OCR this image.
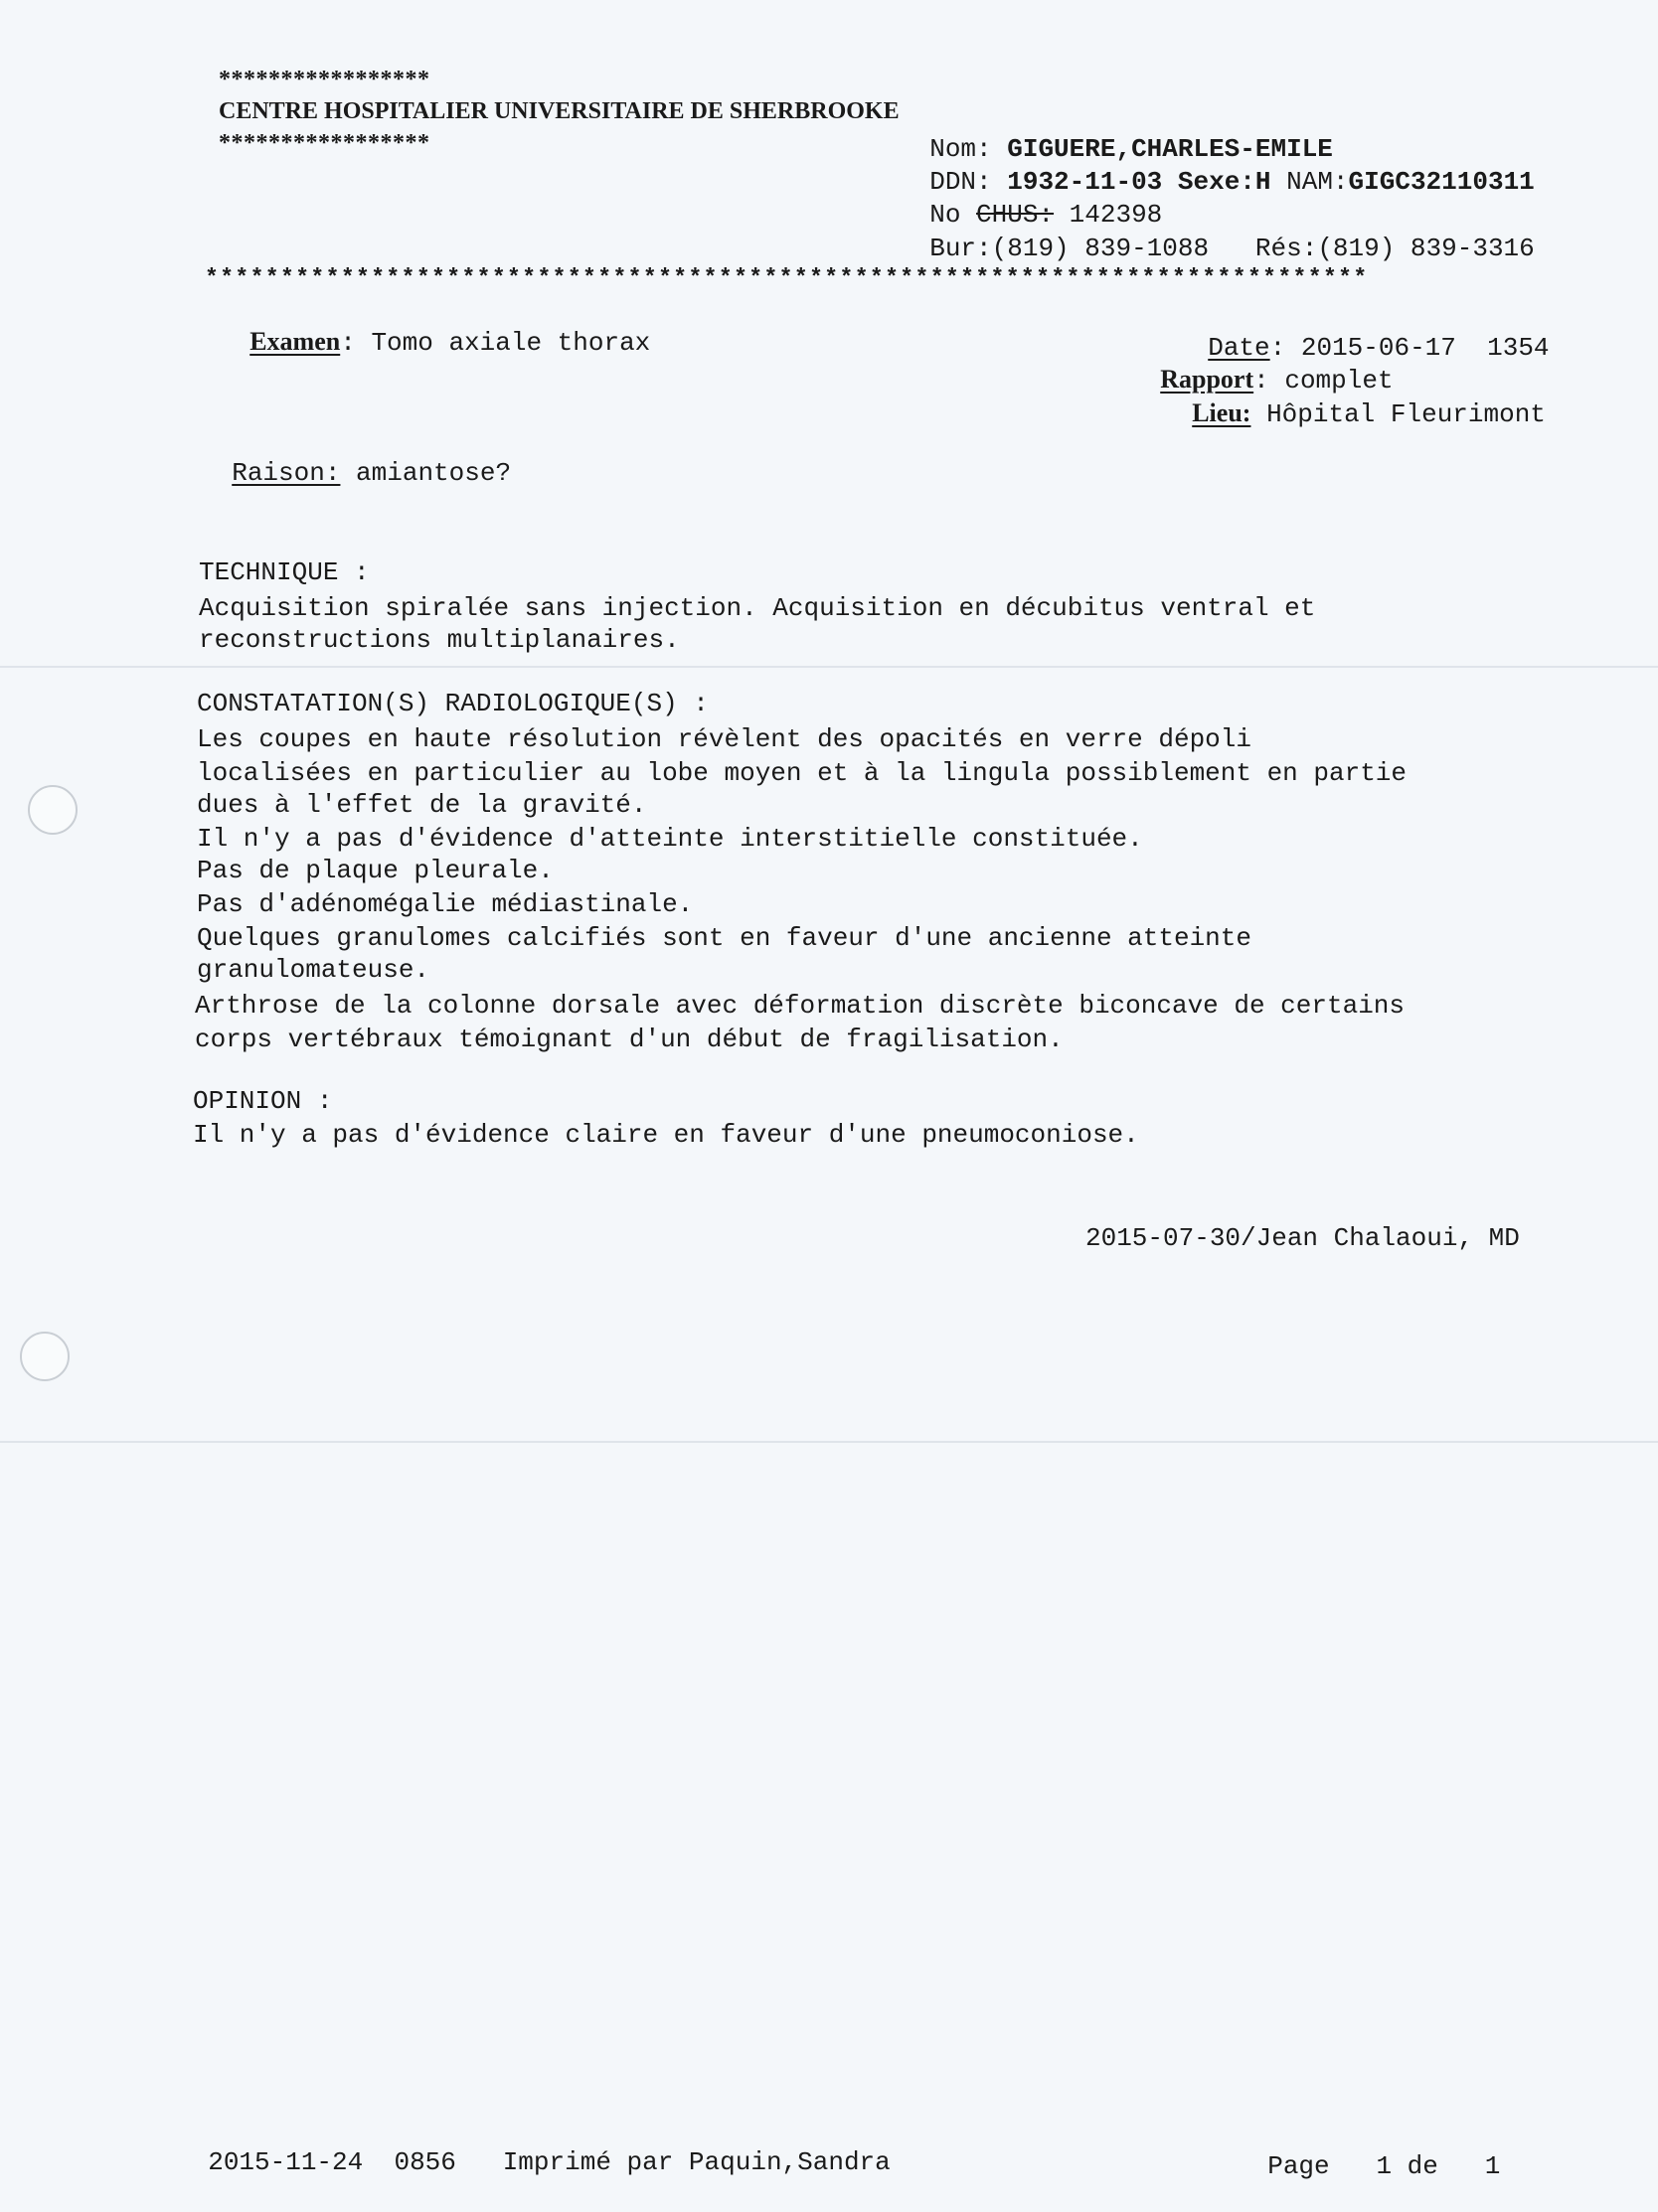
*****************
CENTRE HOSPITALIER UNIVERSITAIRE DE SHERBROOKE
*****************	Nom: GIGUERE,CHARLES-EMILE

DDN: 1932-11-03 Sexe:H NAM:GIGC32110311

No CHUS: 142398

Bur:(819) 839-1088 Rés:(819) 839-3316

*****************************************************************************

Examen: Tomo axiale thorax	Date: 2015-06-17 1354

Rapport: complet

Lieu: Hôpital Fleurimont

Raison: amiantose?

TECHNIQUE :
Acquisition spiralée sans injection. Acquisition en décubitus ventral et
reconstructions multiplanaires.
CONSTATATION(S) RADIOLOGIQUE(S) :
Les coupes en haute résolution révèlent des opacités en verre dépoli
localisées en particulier au lobe moyen et à la lingula possiblement en partie
dues à l'effet de la gravité.
Il n'y a pas d'évidence d'atteinte interstitielle constituée.
Pas de plaque pleurale.
Pas d'adénomégalie médiastinale.
Quelques granulomes calcifiés sont en faveur d'une ancienne atteinte
granulomateuse.
Arthrose de la colonne dorsale avec déformation discrète biconcave de certains
corps vertébraux témoignant d'un début de fragilisation.
OPINION :
Il n'y a pas d'évidence claire en faveur d'une pneumoconiose.
2015-07-30/Jean Chalaoui, MD

2015-11-24 0856 Imprimé par Paquin,Sandra	Page 1 de 1
